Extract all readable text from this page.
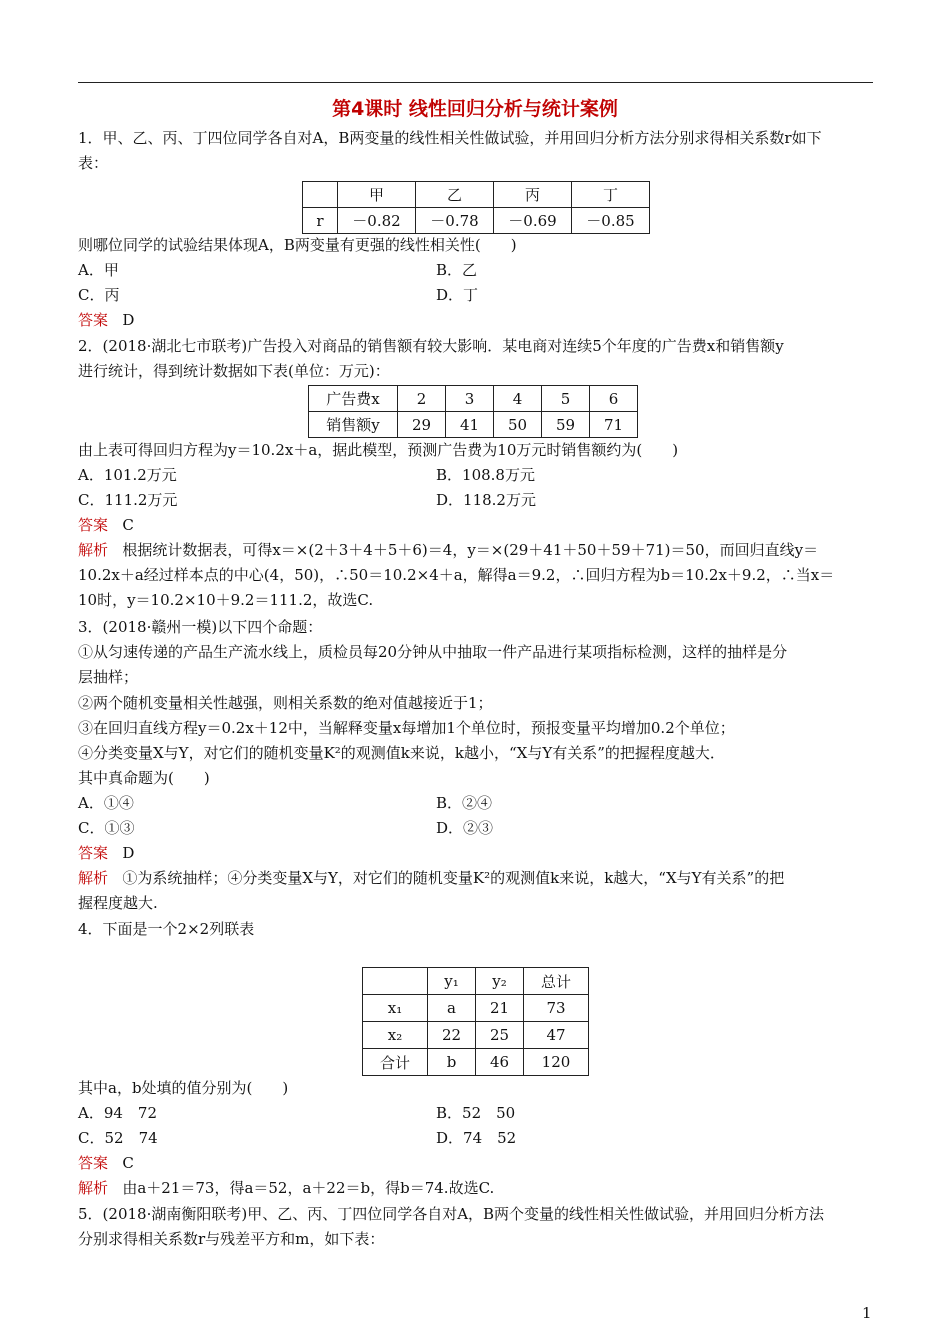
第4课时 线性回归分析与统计案例
1．甲、乙、丙、丁四位同学各自对A，B两变量的线性相关性做试验，并用回归分析方法分别求得相关系数r如下
表：
	甲	乙	丙	丁
r	－0.82	－0.78	－0.69	－0.85
则哪位同学的试验结果体现A，B两变量有更强的线性相关性(　　)
A．甲	B．乙
C．丙	D．丁
答案 D
2．(2018·湖北七市联考)广告投入对商品的销售额有较大影响．某电商对连续5个年度的广告费x和销售额y
进行统计，得到统计数据如下表(单位：万元)：
广告费x	2	3	4	5	6
销售额y	29	41	50	59	71
由上表可得回归方程为y＝10.2x＋a，据此模型，预测广告费为10万元时销售额约为(　　)
A．101.2万元	B．108.8万元
C．111.2万元	D．118.2万元
答案 C
解析 根据统计数据表，可得x＝×(2＋3＋4＋5＋6)＝4，y＝×(29＋41＋50＋59＋71)＝50，而回归直线y＝
10.2x＋a经过样本点的中心(4，50)，∴50＝10.2×4＋a，解得a＝9.2，∴回归方程为b＝10.2x＋9.2，∴当x＝
10时，y＝10.2×10＋9.2＝111.2，故选C.
3．(2018·赣州一模)以下四个命题：
①从匀速传递的产品生产流水线上，质检员每20分钟从中抽取一件产品进行某项指标检测，这样的抽样是分
层抽样；
②两个随机变量相关性越强，则相关系数的绝对值越接近于1；
③在回归直线方程y＝0.2x＋12中，当解释变量x每增加1个单位时，预报变量平均增加0.2个单位；
④分类变量X与Y，对它们的随机变量K²的观测值k来说，k越小，“X与Y有关系”的把握程度越大．
其中真命题为(　　)
A．①④	B．②④
C．①③	D．②③
答案 D
解析 ①为系统抽样；④分类变量X与Y，对它们的随机变量K²的观测值k来说，k越大，“X与Y有关系”的把
握程度越大.
4．下面是一个2×2列联表
	y₁	y₂	总计
x₁	a	21	73
x₂	22	25	47
合计	b	46	120
其中a，b处填的值分别为(　　)
A．94　72	B．52　50
C．52　74	D．74　52
答案 C
解析 由a＋21＝73，得a＝52，a＋22＝b，得b＝74.故选C.
5．(2018·湖南衡阳联考)甲、乙、丙、丁四位同学各自对A，B两个变量的线性相关性做试验，并用回归分析方法
分别求得相关系数r与残差平方和m，如下表：
1
